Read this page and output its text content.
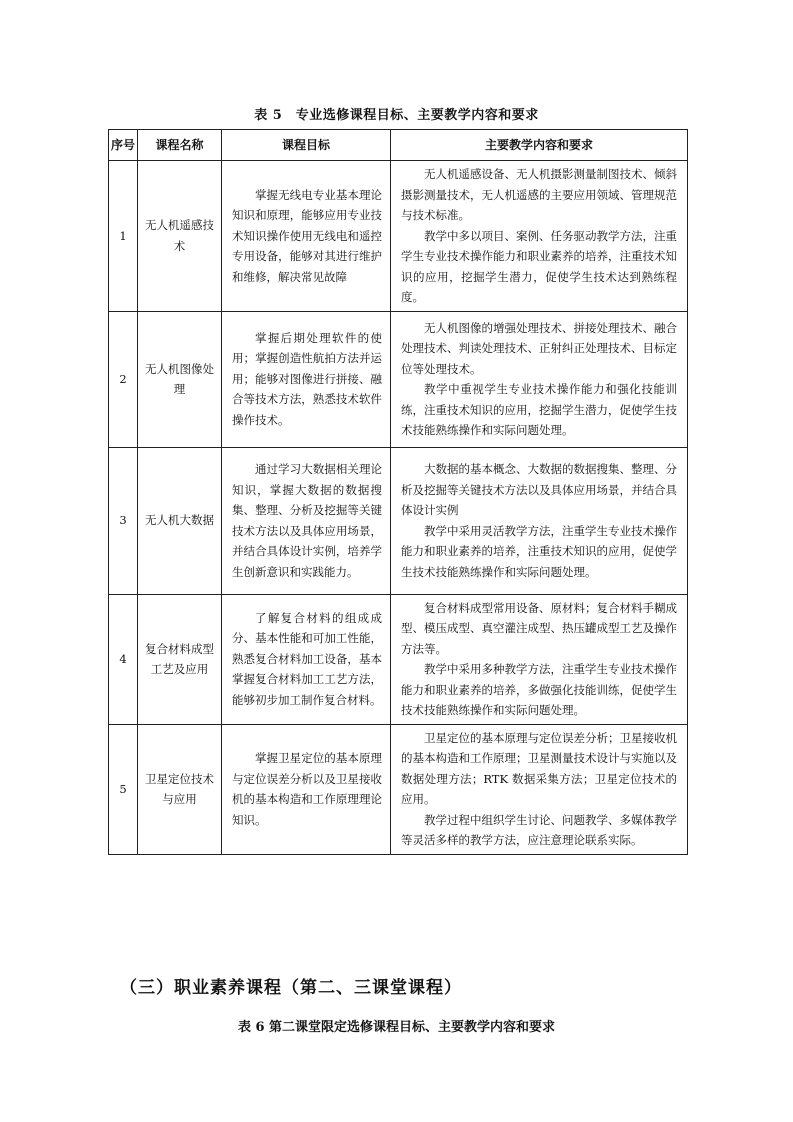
表 5　专业选修课程目标、主要教学内容和要求
序号	课程名称	课程目标	主要教学内容和要求
1	无人机遥感技术	掌握无线电专业基本理论知识和原理，能够应用专业技术知识操作使用无线电和遥控专用设备，能够对其进行维护和维修，解决常见故障	无人机遥感设备、无人机摄影测量制图技术、倾斜摄影测量技术，无人机遥感的主要应用领域、管理规范与技术标准。

教学中多以项目、案例、任务驱动教学方法，注重学生专业技术操作能力和职业素养的培养，注重技术知识的应用，挖掘学生潜力，促使学生技术达到熟练程度。

2	无人机图像处理	掌握后期处理软件的使用；掌握创造性航拍方法并运用；能够对图像进行拼接、融合等技术方法，熟悉技术软件操作技术。	无人机图像的增强处理技术、拼接处理技术、融合处理技术、判读处理技术、正射纠正处理技术、目标定位等处理技术。

教学中重视学生专业技术操作能力和强化技能训练，注重技术知识的应用，挖掘学生潜力，促使学生技术技能熟练操作和实际问题处理。

3	无人机大数据	通过学习大数据相关理论知识，掌握大数据的数据搜集、整理、分析及挖掘等关键技术方法以及具体应用场景，并结合具体设计实例，培养学生创新意识和实践能力。	大数据的基本概念、大数据的数据搜集、整理、分析及挖掘等关键技术方法以及具体应用场景，并结合具体设计实例

教学中采用灵活教学方法，注重学生专业技术操作能力和职业素养的培养，注重技术知识的应用，促使学生技术技能熟练操作和实际问题处理。

4	复合材料成型工艺及应用	了解复合材料的组成成分、基本性能和可加工性能，熟悉复合材料加工设备，基本掌握复合材料加工工艺方法，能够初步加工制作复合材料。	复合材料成型常用设备、原材料；复合材料手糊成型、模压成型、真空灌注成型、热压罐成型工艺及操作方法等。

教学中采用多种教学方法，注重学生专业技术操作能力和职业素养的培养，多做强化技能训练，促使学生技术技能熟练操作和实际问题处理。

5	卫星定位技术与应用	掌握卫星定位的基本原理与定位误差分析以及卫星接收机的基本构造和工作原理理论知识。	卫星定位的基本原理与定位误差分析；卫星接收机的基本构造和工作原理；卫星测量技术设计与实施以及数据处理方法；RTK 数据采集方法；卫星定位技术的应用。

教学过程中组织学生讨论、问题教学、多媒体教学等灵活多样的教学方法，应注意理论联系实际。

（三）职业素养课程（第二、三课堂课程）
表 6 第二课堂限定选修课程目标、主要教学内容和要求
